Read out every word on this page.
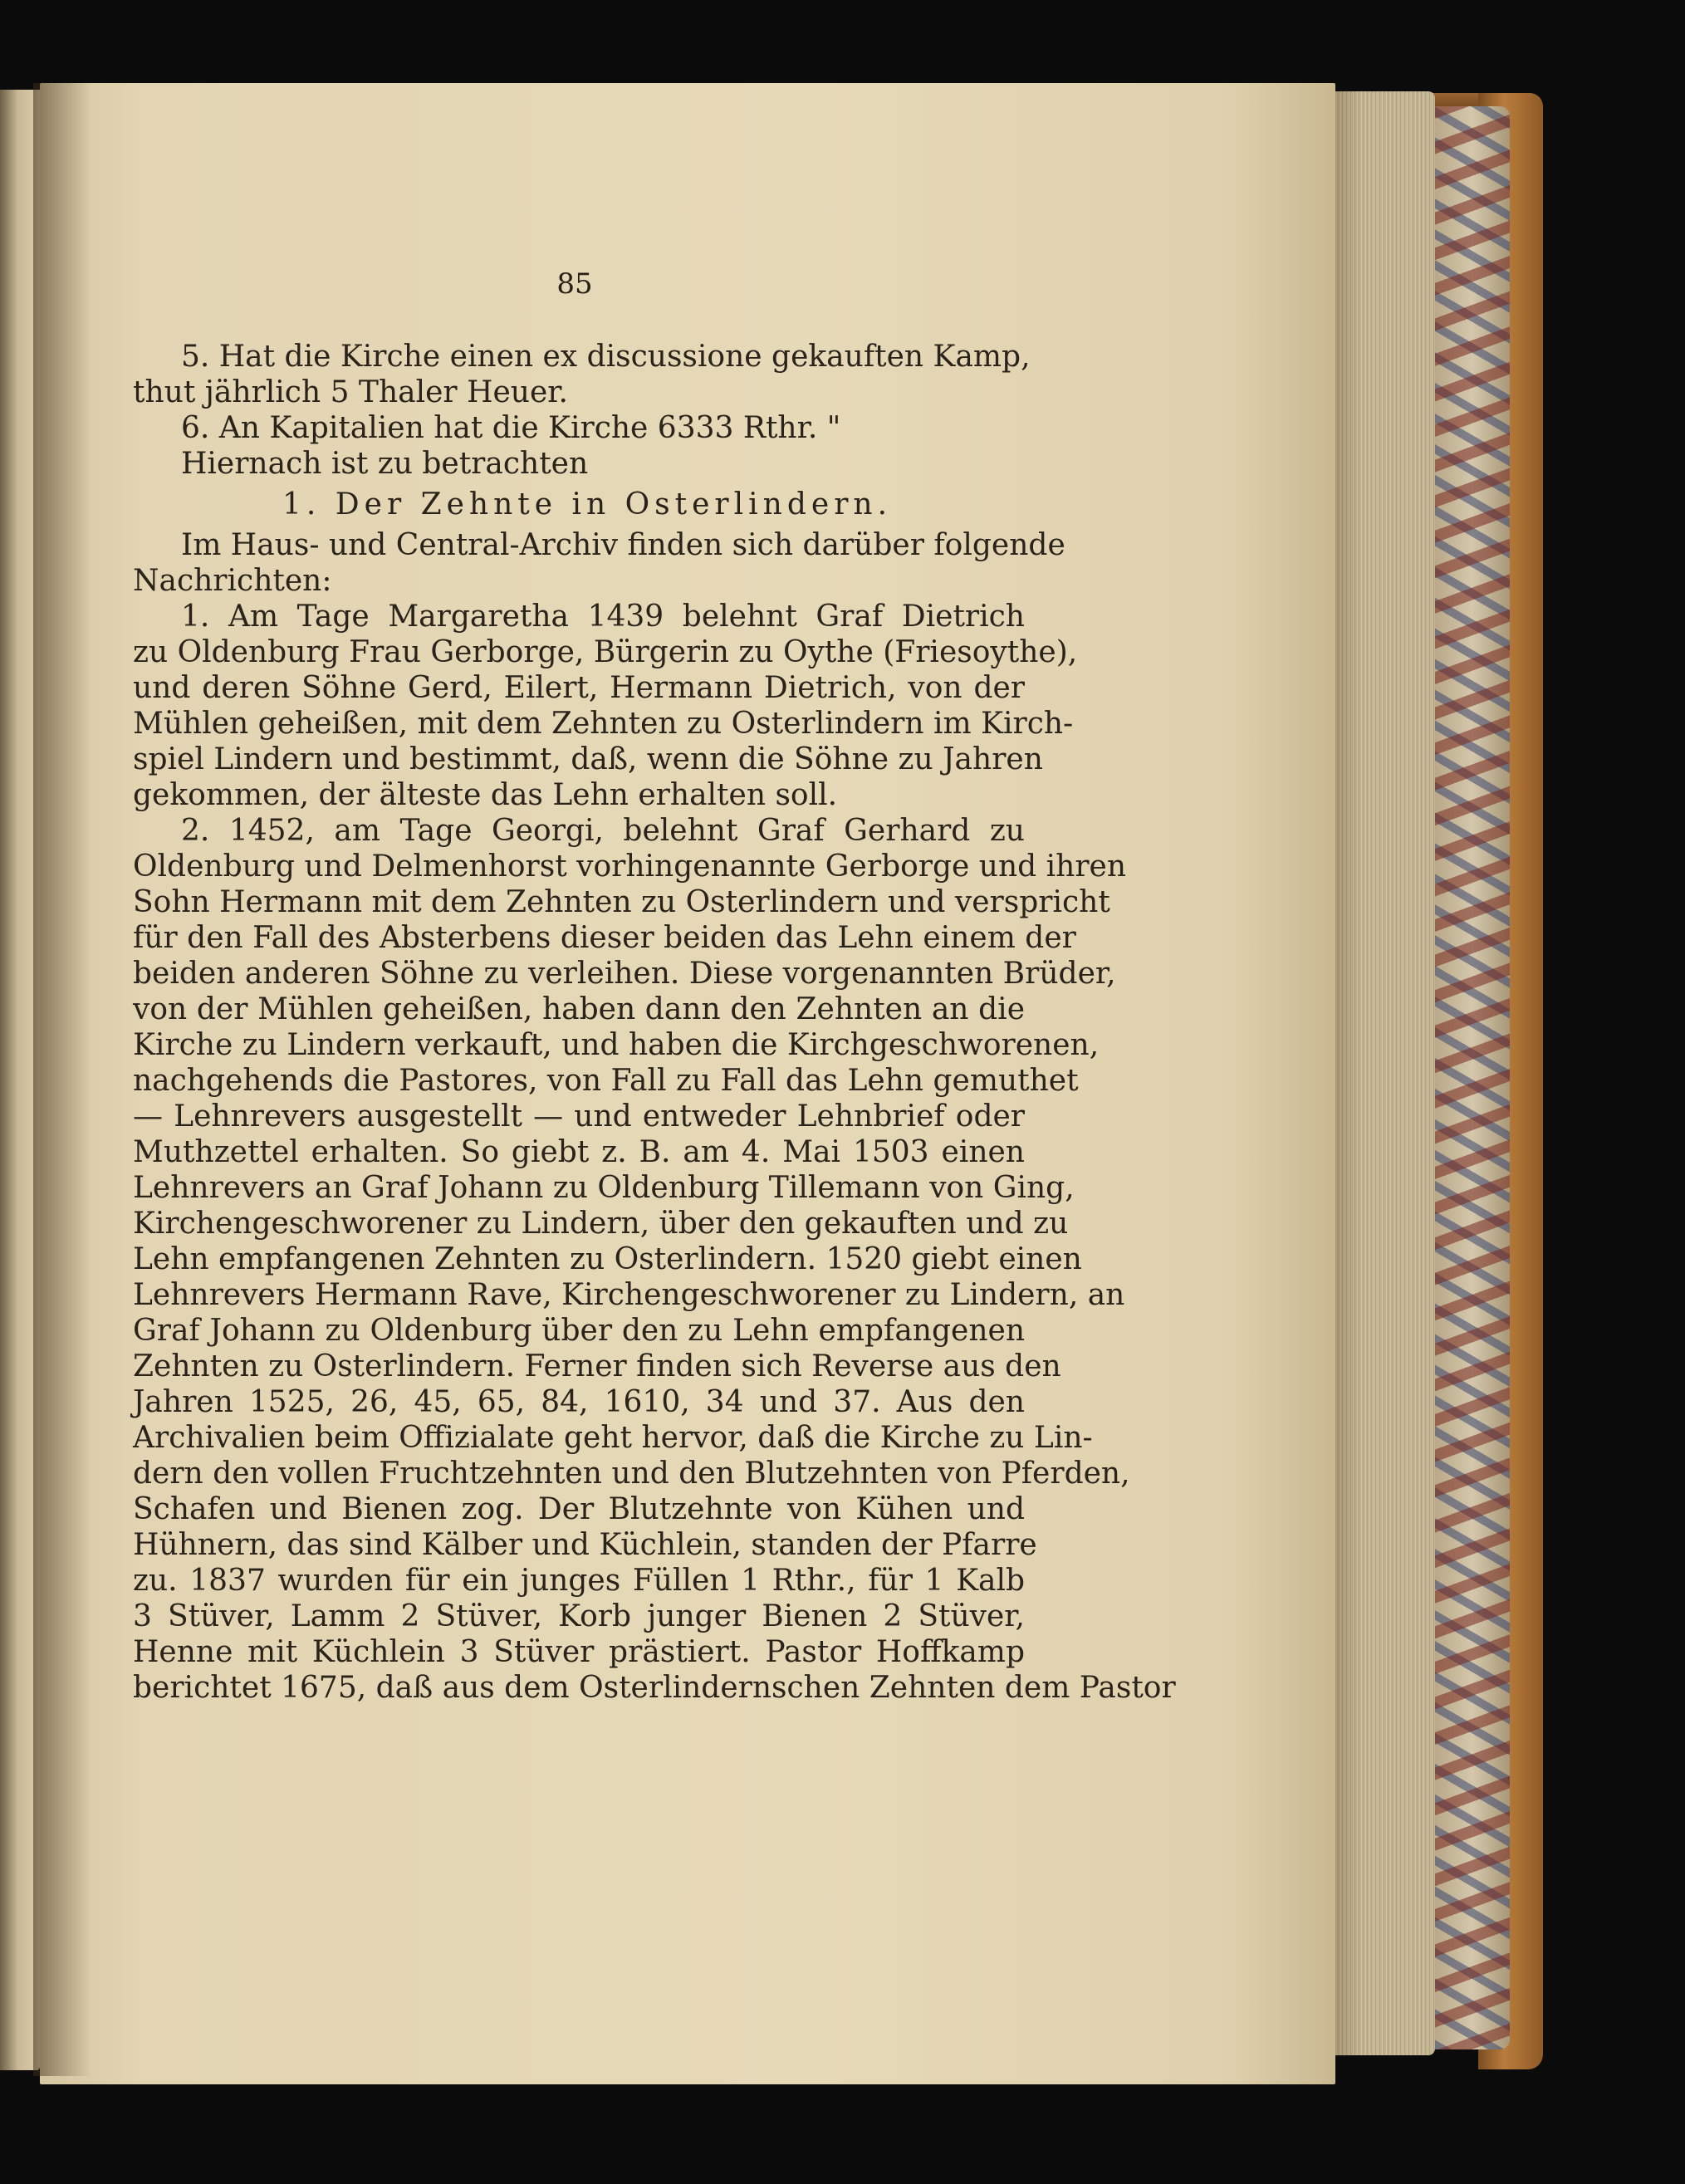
85

5. Hat die Kirche einen ex discussione gekauften Kamp,
thut jährlich 5 Thaler Heuer.
6. An Kapitalien hat die Kirche 6333 Rthr. "
Hiernach ist zu betrachten
1. Der Zehnte in Osterlindern.
Im Haus- und Central-Archiv finden sich darüber folgende
Nachrichten:
1. Am Tage Margaretha 1439 belehnt Graf Dietrich
zu Oldenburg Frau Gerborge, Bürgerin zu Oythe (Friesoythe),
und deren Söhne Gerd, Eilert, Hermann Dietrich, von der
Mühlen geheißen, mit dem Zehnten zu Osterlindern im Kirch-
spiel Lindern und bestimmt, daß, wenn die Söhne zu Jahren
gekommen, der älteste das Lehn erhalten soll.
2. 1452, am Tage Georgi, belehnt Graf Gerhard zu
Oldenburg und Delmenhorst vorhingenannte Gerborge und ihren
Sohn Hermann mit dem Zehnten zu Osterlindern und verspricht
für den Fall des Absterbens dieser beiden das Lehn einem der
beiden anderen Söhne zu verleihen. Diese vorgenannten Brüder,
von der Mühlen geheißen, haben dann den Zehnten an die
Kirche zu Lindern verkauft, und haben die Kirchgeschworenen,
nachgehends die Pastores, von Fall zu Fall das Lehn gemuthet
— Lehnrevers ausgestellt — und entweder Lehnbrief oder
Muthzettel erhalten. So giebt z. B. am 4. Mai 1503 einen
Lehnrevers an Graf Johann zu Oldenburg Tillemann von Ging,
Kirchengeschworener zu Lindern, über den gekauften und zu
Lehn empfangenen Zehnten zu Osterlindern. 1520 giebt einen
Lehnrevers Hermann Rave, Kirchengeschworener zu Lindern, an
Graf Johann zu Oldenburg über den zu Lehn empfangenen
Zehnten zu Osterlindern. Ferner finden sich Reverse aus den
Jahren 1525, 26, 45, 65, 84, 1610, 34 und 37. Aus den
Archivalien beim Offizialate geht hervor, daß die Kirche zu Lin-
dern den vollen Fruchtzehnten und den Blutzehnten von Pferden,
Schafen und Bienen zog. Der Blutzehnte von Kühen und
Hühnern, das sind Kälber und Küchlein, standen der Pfarre
zu. 1837 wurden für ein junges Füllen 1 Rthr., für 1 Kalb
3 Stüver, Lamm 2 Stüver, Korb junger Bienen 2 Stüver,
Henne mit Küchlein 3 Stüver prästiert. Pastor Hoffkamp
berichtet 1675, daß aus dem Osterlindernschen Zehnten dem Pastor
